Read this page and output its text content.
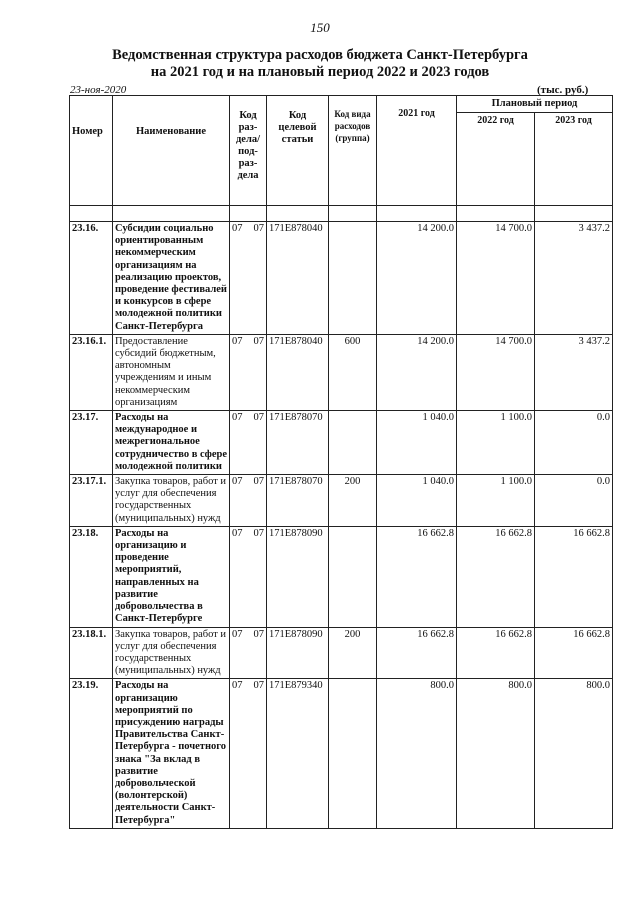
150
Ведомственная структура расходов бюджета Санкт-Петербурга
на 2021 год и на плановый период 2022 и 2023 годов
23-ноя-2020	(тыс. руб.)
Номер	Наименование	Код раз-дела/ под-раз-дела	Код целевой статьи	Код вида расходов (группа)	2021 год	Плановый период	
						2022 год	2023 год

23.16.	Субсидии социально ориентированным некоммерческим организациям на реализацию проектов, проведение фестивалей и конкурсов в сфере молодежной политики Санкт-Петербурга	07 07	171E878040		14 200.0	14 700.0	3 437.2
23.16.1.	Предоставление субсидий бюджетным, автономным учреждениям и иным некоммерческим организациям	07 07	171E878040	600	14 200.0	14 700.0	3 437.2
23.17.	Расходы на международное и межрегиональное сотрудничество в сфере молодежной политики	07 07	171E878070		1 040.0	1 100.0	0.0
23.17.1.	Закупка товаров, работ и услуг для обеспечения государственных (муниципальных) нужд	07 07	171E878070	200	1 040.0	1 100.0	0.0
23.18.	Расходы на организацию и проведение мероприятий, направленных на развитие добровольчества в Санкт-Петербурге	07 07	171E878090		16 662.8	16 662.8	16 662.8
23.18.1.	Закупка товаров, работ и услуг для обеспечения государственных (муниципальных) нужд	07 07	171E878090	200	16 662.8	16 662.8	16 662.8
23.19.	Расходы на организацию мероприятий по присуждению награды Правительства Санкт-Петербурга - почетного знака "За вклад в развитие добровольческой (волонтерской) деятельности Санкт-Петербурга"	07 07	171E879340		800.0	800.0	800.0
